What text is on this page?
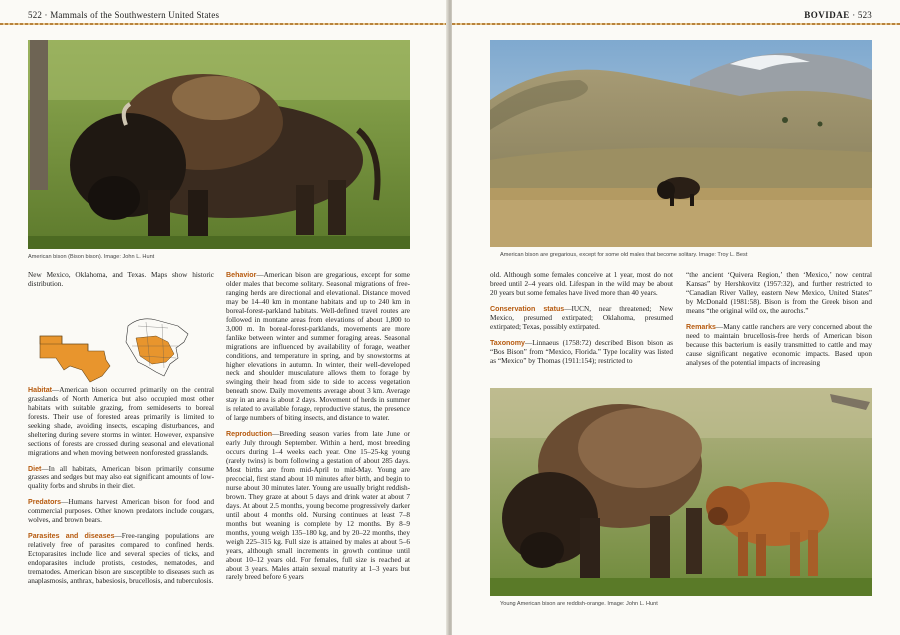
522 · Mammals of the Southwestern United States
American bison (Bison bison). Image: John L. Hunt

New Mexico, Oklahoma, and Texas. Maps show historic distribution.

Habitat—American bison occurred primarily on the central grasslands of North America but also occupied most other habitats with suitable grazing, from semideserts to boreal forests. Their use of forested areas primarily is limited to seeking shade, avoiding insects, escaping disturbances, and sheltering during severe storms in winter. However, expansive sections of forests are crossed during seasonal and elevational migrations and when moving between nonforested grasslands.

Diet—In all habitats, American bison primarily consume grasses and sedges but may also eat significant amounts of low-quality forbs and shrubs in their diet.

Predators—Humans harvest American bison for food and commercial purposes. Other known predators include cougars, wolves, and brown bears.

Parasites and diseases—Free-ranging populations are relatively free of parasites compared to confined herds. Ectoparasites include lice and several species of ticks, and endoparasites include protists, cestodes, nematodes, and trematodes. American bison are susceptible to diseases such as anaplasmosis, anthrax, babesiosis, brucellosis, and tuberculosis.

Behavior—American bison are gregarious, except for some older males that become solitary. Seasonal migrations of free-ranging herds are directional and elevational. Distance moved may be 14–40 km in montane habitats and up to 240 km in boreal-forest-parkland habitats. Well-defined travel routes are followed in montane areas from elevations of about 1,800 to 3,000 m. In boreal-forest-parklands, movements are more fanlike between winter and summer foraging areas. Seasonal migrations are influenced by availability of forage, weather conditions, and temperature in spring, and by snowstorms at higher elevations in autumn. In winter, their well-developed neck and shoulder musculature allows them to forage by swinging their head from side to side to access vegetation beneath snow. Daily movements average about 3 km. Average stay in an area is about 2 days. Movement of herds in summer is related to available forage, reproductive status, the presence of large numbers of biting insects, and distance to water.

Reproduction—Breeding season varies from late June or early July through September. Within a herd, most breeding occurs during 1–4 weeks each year. One 15–25-kg young (rarely twins) is born following a gestation of about 285 days. Most births are from mid-April to mid-May. Young are precocial, first stand about 10 minutes after birth, and begin to nurse about 30 minutes later. Young are usually bright reddish-brown. They graze at about 5 days and drink water at about 7 days. At about 2.5 months, young become progressively darker until about 4 months old. Nursing continues at least 7–8 months but weaning is complete by 12 months. By 8–9 months, young weigh 135–180 kg, and by 20–22 months, they weigh 225–315 kg. Full size is attained by males at about 5–6 years, although small increments in growth continue until about 10–12 years old. For females, full size is reached at about 3 years. Males attain sexual maturity at 1–3 years but rarely breed before 6 years

BOVIDAE · 523
American bison are gregarious, except for some old males that become solitary. Image: Troy L. Best

old. Although some females conceive at 1 year, most do not breed until 2–4 years old. Lifespan in the wild may be about 20 years but some females have lived more than 40 years.

Conservation status—IUCN, near threatened; New Mexico, presumed extirpated; Oklahoma, presumed extirpated; Texas, possibly extirpated.

Taxonomy—Linnaeus (1758:72) described Bison bison as “Bos Bison” from “Mexico, Florida.” Type locality was listed as “Mexico” by Thomas (1911:154); restricted to

“the ancient ‘Quivera Region,’ then ‘Mexico,’ now central Kansas” by Hershkovitz (1957:32), and further restricted to “Canadian River Valley, eastern New Mexico, United States” by McDonald (1981:58). Bison is from the Greek bison and means “the original wild ox, the aurochs.”

Remarks—Many cattle ranchers are very concerned about the need to maintain brucellosis-free herds of American bison because this bacterium is easily transmitted to cattle and may cause significant negative economic impacts. Based upon analyses of the potential impacts of increasing

Young American bison are reddish-orange. Image: John L. Hunt
